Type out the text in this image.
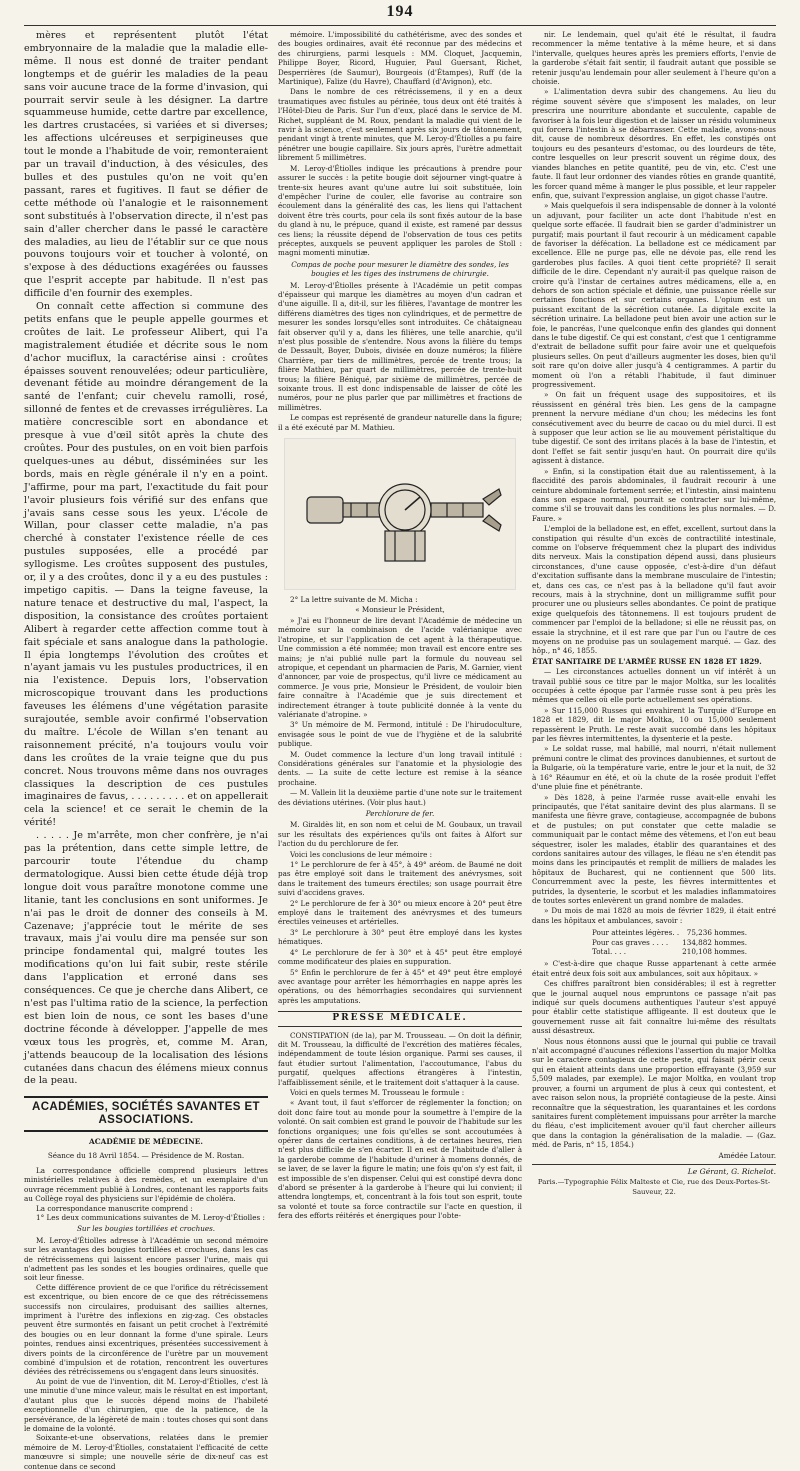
194

mères et représentent plutôt l'état embryonnaire de la maladie que la maladie elle-même. Il nous est donné de traiter pendant longtemps et de guérir les maladies de la peau sans voir aucune trace de la forme d'invasion, qui pourrait servir seule à les désigner. La dartre squammeuse humide, cette dartre par excellence, les dartres crustacées, si variées et si diverses; les affections ulcéreuses et serpigineuses que tout le monde a l'habitude de voir, remonteraient par un travail d'induction, à des vésicules, des bulles et des pustules qu'on ne voit qu'en passant, rares et fugitives. Il faut se défier de cette méthode où l'analogie et le raisonnement sont substitués à l'observation directe, il n'est pas sain d'aller chercher dans le passé le caractère des maladies, au lieu de l'établir sur ce que nous pouvons toujours voir et toucher à volonté, on s'expose à des déductions exagérées ou fausses que l'esprit accepte par habitude. Il n'est pas difficile d'en fournir des exemples.

On connaît cette affection si commune des petits enfans que le peuple appelle gourmes et croûtes de lait. Le professeur Alibert, qui l'a magistralement étudiée et décrite sous le nom d'achor muciflux, la caractérise ainsi : croûtes épaisses souvent renouvelées; odeur particulière, devenant fétide au moindre dérangement de la santé de l'enfant; cuir chevelu ramolli, rosé, sillonné de fentes et de crevasses irrégulières. La matière concrescible sort en abondance et presque à vue d'œil sitôt après la chute des croûtes. Pour des pustules, on en voit bien parfois quelques-unes au début, disséminées sur les bords, mais en règle générale il n'y en a point. J'affirme, pour ma part, l'exactitude du fait pour l'avoir plusieurs fois vérifié sur des enfans que j'avais sans cesse sous les yeux. L'école de Willan, pour classer cette maladie, n'a pas cherché à constater l'existence réelle de ces pustules supposées, elle a procédé par syllogisme. Les croûtes supposent des pustules, or, il y a des croûtes, donc il y a eu des pustules : impetigo capitis. — Dans la teigne faveuse, la nature tenace et destructive du mal, l'aspect, la disposition, la consistance des croûtes portaient Alibert à regarder cette affection comme tout à fait spéciale et sans analogue dans la pathologie. Il épia longtemps l'évolution des croûtes et n'ayant jamais vu les pustules productrices, il en nia l'existence. Depuis lors, l'observation microscopique trouvant dans les productions faveuses les élémens d'une végétation parasite surajoutée, semble avoir confirmé l'observation du maître. L'école de Willan s'en tenant au raisonnement précité, n'a toujours voulu voir dans les croûtes de la vraie teigne que du pus concret. Nous trouvons même dans nos ouvrages classiques la description de ces pustules imaginaires de favus, . . . . . . . . . et on appellerait cela la science! et ce serait le chemin de la vérité!

. . . . . Je m'arrête, mon cher confrère, je n'ai pas la prétention, dans cette simple lettre, de parcourir toute l'étendue du champ dermatologique. Aussi bien cette étude déjà trop longue doit vous paraître monotone comme une litanie, tant les conclusions en sont uniformes. Je n'ai pas le droit de donner des conseils à M. Cazenave; j'apprécie tout le mérite de ses travaux, mais j'ai voulu dire ma pensée sur son principe fondamental qui, malgré toutes les modifications qu'on lui fait subir, reste stérile dans l'application et erroné dans ses conséquences. Ce que je cherche dans Alibert, ce n'est pas l'ultima ratio de la science, la perfection est bien loin de nous, ce sont les bases d'une doctrine féconde à développer. J'appelle de mes vœux tous les progrès, et, comme M. Aran, j'attends beaucoup de la localisation des lésions cutanées dans chacun des élémens mieux connus de la peau.

ACADÉMIES, SOCIÉTÉS SAVANTES ET ASSOCIATIONS.
ACADÉMIE DE MÉDECINE.
Séance du 18 Avril 1854. — Présidence de M. Rostan.

La correspondance officielle comprend plusieurs lettres ministérielles relatives à des remèdes, et un exemplaire d'un ouvrage récemment publié à Londres, contenant les rapports faits au Collège royal des physiciens sur l'épidémie de choléra.

La correspondance manuscrite comprend :

1° Les deux communications suivantes de M. Leroy-d'Étiolles :

Sur les bougies tortillées et crochues.

M. Leroy-d'Étiolles adresse à l'Académie un second mémoire sur les avantages des bougies tortillées et crochues, dans les cas de rétrécissemens qui laissent encore passer l'urine, mais qui n'admettent pas les sondes et les bougies ordinaires, quelle que soit leur finesse.

Cette différence provient de ce que l'orifice du rétrécissement est excentrique, ou bien encore de ce que des rétrécissemens successifs non circulaires, produisant des saillies alternes, impriment à l'urètre des inflexions en zig-zag. Ces obstacles peuvent être surmontés en faisant un petit crochet à l'extrémité des bougies ou en leur donnant la forme d'une spirale. Leurs pointes, rendues ainsi excentriques, présentées successivement à divers points de la circonférence de l'urètre par un mouvement combiné d'impulsion et de rotation, rencontrent les ouvertures déviées des rétrécissemens ou s'engagent dans leurs sinuosités.

Au point de vue de l'invention, dit M. Leroy-d'Étiolles, c'est là une minutie d'une mince valeur, mais le résultat en est important, d'autant plus que le succès dépend moins de l'habileté exceptionnelle d'un chirurgien, que de la patience, de la persévérance, de la légèreté de main : toutes choses qui sont dans le domaine de la volonté.

Soixante-et-une observations, relatées dans le premier mémoire de M. Leroy-d'Étiolles, constataient l'efficacité de cette manœuvre si simple; une nouvelle série de dix-neuf cas est contenue dans ce second

mémoire. L'impossibilité du cathétérisme, avec des sondes et des bougies ordinaires, avait été reconnue par des médecins et des chirurgiens, parmi lesquels : MM. Cloquet, Jacquemin, Philippe Boyer, Ricord, Huguier, Paul Guersant, Richet, Desperrières (de Saumur), Bourgeois (d'Étampes), Ruff (de la Martinique), Falize (du Havre), Chauffard (d'Avignon), etc.

Dans le nombre de ces rétrécissemens, il y en a deux traumatiques avec fistules au périnée, tous deux ont été traités à l'Hôtel-Dieu de Paris. Sur l'un d'eux, placé dans le service de M. Richet, suppléant de M. Roux, pendant la maladie qui vient de le ravir à la science, c'est seulement après six jours de tâtonnement, pendant vingt à trente minutes, que M. Leroy-d'Étiolles a pu faire pénétrer une bougie capillaire. Six jours après, l'urètre admettait librement 5 millimètres.

M. Leroy-d'Étiolles indique les précautions à prendre pour assurer le succès : la petite bougie doit séjourner vingt-quatre à trente-six heures avant qu'une autre lui soit substituée, loin d'empêcher l'urine de couler, elle favorise au contraire son écoulement dans la généralité des cas, les liens qui l'attachent doivent être très courts, pour cela ils sont fixés autour de la base du gland à nu, le prépuce, quand il existe, est ramené par dessus ces liens; la réussite dépend de l'observation de tous ces petits préceptes, auxquels se peuvent appliquer les paroles de Stoll : magni momenti minutiæ.

Compas de poche pour mesurer le diamètre des sondes, les bougies et les tiges des instrumens de chirurgie.

M. Leroy-d'Étiolles présente à l'Académie un petit compas d'épaisseur qui marque les diamètres au moyen d'un cadran et d'une aiguille. Il a, dit-il, sur les filières, l'avantage de montrer les différens diamètres des tiges non cylindriques, et de permettre de mesurer les sondes lorsqu'elles sont introduites. Ce châtaigneau fait observer qu'il y a, dans les filières, une telle anarchie, qu'il n'est plus possible de s'entendre. Nous avons la filière du temps de Dessault, Boyer, Dubois, divisée en douze numéros; la filière Charrière, par tiers de millimètres, percée de trente trous; la filière Mathieu, par quart de millimètres, percée de trente-huit trous; la filière Béniqué, par sixième de millimètres, percée de soixante trous. Il est donc indispensable de laisser de côté les numéros, pour ne plus parler que par millimètres et fractions de millimètres.

Le compas est représenté de grandeur naturelle dans la figure; il a été exécuté par M. Mathieu.

2° La lettre suivante de M. Micha :

« Monsieur le Président,

» J'ai eu l'honneur de lire devant l'Académie de médecine un mémoire sur la combinaison de l'acide valérianique avec l'atropine, et sur l'application de cet agent à la thérapeutique. Une commission a été nommée; mon travail est encore entre ses mains; je n'ai publié nulle part la formule du nouveau sel atropique, et cependant un pharmacien de Paris, M. Garnier, vient d'annoncer, par voie de prospectus, qu'il livre ce médicament au commerce. Je vous prie, Monsieur le Président, de vouloir bien faire connaître à l'Académie que je suis directement et indirectement étranger à toute publicité donnée à la vente du valérianate d'atropine. »

3° Un mémoire de M. Fermond, intitulé : De l'hirudoculture, envisagée sous le point de vue de l'hygiène et de la salubrité publique.

M. Oudet commence la lecture d'un long travail intitulé : Considérations générales sur l'anatomie et la physiologie des dents. — La suite de cette lecture est remise à la séance prochaine.

— M. Vallein lit la deuxième partie d'une note sur le traitement des déviations utérines. (Voir plus haut.)

Perchlorure de fer.

M. Giraldès lit, en son nom et celui de M. Goubaux, un travail sur les résultats des expériences qu'ils ont faites à Alfort sur l'action du du perchlorure de fer.

Voici les conclusions de leur mémoire :

1° Le perchlorure de fer à 45°, à 49° aréom. de Baumé ne doit pas être employé soit dans le traitement des anévrysmes, soit dans le traitement des tumeurs érectiles; son usage pourrait être suivi d'accidens graves.

2° Le perchlorure de fer à 30° ou mieux encore à 20° peut être employé dans le traitement des anévrysmes et des tumeurs érectiles veineuses et artérielles.

3° Le perchlorure à 30° peut être employé dans les kystes hématiques.

4° Le perchlorure de fer à 30° et à 45° peut être employé comme modificateur des plaies en suppuration.

5° Enfin le perchlorure de fer à 45° et 49° peut être employé avec avantage pour arrêter les hémorrhagies en nappe après les opérations, ou des hémorrhagies secondaires qui surviennent après les amputations.

PRESSE MÉDICALE.

CONSTIPATION (de la), par M. Trousseau. — On doit la définir, dit M. Trousseau, la difficulté de l'excrétion des matières fécales, indépendamment de toute lésion organique. Parmi ses causes, il faut étudier surtout l'alimentation, l'accoutumance, l'abus du purgatif, quelques affections étrangères à l'intestin, l'affaiblissement sénile, et le traitement doit s'attaquer à la cause.

Voici en quels termes M. Trousseau le formule :

« Avant tout, il faut s'efforcer de réglementer la fonction; on doit donc faire tout au monde pour la soumettre à l'empire de la volonté. On sait combien est grand le pouvoir de l'habitude sur les fonctions organiques; une fois qu'elles se sont accoutumées à opérer dans de certaines conditions, à de certaines heures, rien n'est plus difficile de s'en écarter. Il en est de l'habitude d'aller à la garderobe comme de l'habitude d'uriner à momens donnés, de se laver, de se laver la figure le matin; une fois qu'on s'y est fait, il est impossible de s'en dispenser. Celui qui est constipé devra donc d'abord se présenter à la garderobe à l'heure qui lui convient; il attendra longtemps, et, concentrant à la fois tout son esprit, toute sa volonté et toute sa force contractile sur l'acte en question, il fera des efforts réitérés et énergiques pour l'obte-

nir. Le lendemain, quel qu'ait été le résultat, il faudra recommencer la même tentative à la même heure, et si dans l'intervalle, quelques heures après les premiers efforts, l'envie de la garderobe s'était fait sentir, il faudrait autant que possible se retenir jusqu'au lendemain pour aller seulement à l'heure qu'on a choisie.

» L'alimentation devra subir des changemens. Au lieu du régime souvent sévère que s'imposent les malades, on leur prescrira une nourriture abondante et succulente, capable de favoriser à la fois leur digestion et de laisser un résidu volumineux qui forcera l'intestin à se débarrasser. Cette maladie, avons-nous dit, cause de nombreux désordres. En effet, les constipés ont toujours eu des pesanteurs d'estomac, ou des lourdeurs de tête, contre lesquelles on leur prescrit souvent un régime doux, des viandes blanches en petite quantité, peu de vin, etc. C'est une faute. Il faut leur ordonner des viandes rôties en grande quantité, les forcer quand même à manger le plus possible, et leur rappeler enfin, que, suivant l'expression anglaise, un gigot chasse l'autre.

» Mais quelquefois il sera indispensable de donner à la volonté un adjuvant, pour faciliter un acte dont l'habitude n'est en quelque sorte effacée. Il faudrait bien se garder d'administrer un purgatif; mais pourtant il faut recourir à un médicament capable de favoriser la défécation. La belladone est ce médicament par excellence. Elle ne purge pas, elle ne dévoie pas, elle rend les garderobes plus faciles. A quoi tient cette propriété? Il serait difficile de le dire. Cependant n'y aurait-il pas quelque raison de croire qu'à l'instar de certaines autres médicamens, elle a, en dehors de son action spéciale et définie, une puissance réelle sur certaines fonctions et sur certains organes. L'opium est un puissant excitant de la sécrétion cutanée. La digitale excite la sécrétion urinaire. La belladone peut bien avoir une action sur le foie, le pancréas, l'une quelconque enfin des glandes qui donnent dans le tube digestif. Ce qui est constant, c'est que 1 centigramme d'extrait de belladone suffit pour faire avoir une et quelquefois plusieurs selles. On peut d'ailleurs augmenter les doses, bien qu'il soit rare qu'on doive aller jusqu'à 4 centigrammes. A partir du moment où l'on a rétabli l'habitude, il faut diminuer progressivement.

» On fait un fréquent usage des suppositoires, et ils réussissent en général très bien. Les gens de la campagne prennent la nervure médiane d'un chou; les médecins les font consécutivement avec du beurre de cacao ou du miel durci. Il est à supposer que leur action se lie au mouvement péristaltique du tube digestif. Ce sont des irritans placés à la base de l'intestin, et dont l'effet se fait sentir jusqu'en haut. On pourrait dire qu'ils agissent à distance.

» Enfin, si la constipation était due au ralentissement, à la flaccidité des parois abdominales, il faudrait recourir à une ceinture abdominale fortement serrée; et l'intestin, ainsi maintenu dans son espace normal, pourrait se contracter sur lui-même, comme s'il se trouvait dans les conditions les plus normales. — D. Faure. »

L'emploi de la belladone est, en effet, excellent, surtout dans la constipation qui résulte d'un excès de contractilité intestinale, comme on l'observe fréquemment chez la plupart des individus dits nerveux. Mais la constipation dépend aussi, dans plusieurs circonstances, d'une cause opposée, c'est-à-dire d'un défaut d'excitation suffisante dans la membrane musculaire de l'intestin; et, dans ces cas, ce n'est pas à la belladone qu'il faut avoir recours, mais à la strychnine, dont un milligramme suffit pour procurer une ou plusieurs selles abondantes. Ce point de pratique exige quelquefois des tâtonnemens. Il est toujours prudent de commencer par l'emploi de la belladone; si elle ne réussit pas, on essaie la strychnine, et il est rare que par l'un ou l'autre de ces moyens on ne produise pas un soulagement marqué. — Gaz. des hôp., n° 46, 1855.

ÉTAT SANITAIRE DE L'ARMÉE RUSSE EN 1828 ET 1829.

— Les circonstances actuelles donnent un vif intérêt à un travail publié sous ce titre par le major Moltka, sur les localités occupées à cette époque par l'armée russe sont à peu près les mêmes que celles où elle porte actuellement ses opérations.

» Sur 115,000 Russes qui envahirent la Turquie d'Europe en 1828 et 1829, dit le major Moltka, 10 ou 15,000 seulement repassèrent le Pruth. Le reste avait succombé dans les hôpitaux par les fièvres intermittentes, la dysenterie et la peste.

» Le soldat russe, mal habillé, mal nourri, n'était nullement prémuni contre le climat des provinces danubiennes, et surtout de la Bulgarie, où la température varie, entre le jour et la nuit, de 32 à 16° Réaumur en été, et où la chute de la rosée produit l'effet d'une pluie fine et pénétrante.

» Dès 1828, à peine l'armée russe avait-elle envahi les principautés, que l'état sanitaire devint des plus alarmans. Il se manifesta une fièvre grave, contagieuse, accompagnée de bubons et de pustules; on put constater que cette maladie se communiquait par le contact même des vêtemens, et l'on eut beau séquestrer, isoler les malades, établir des quarantaines et des cordons sanitaires autour des villages, le fléau ne s'en étendit pas moins dans les principautés et remplit de milliers de malades les hôpitaux de Bucharest, qui ne contiennent que 500 lits. Concurremment avec la peste, les fièvres intermittentes et putrides, la dysenterie, le scorbut et les maladies inflammatoires de toutes sortes enlevèrent un grand nombre de malades.

» Du mois de mai 1828 au mois de février 1829, il était entré dans les hôpitaux et ambulances, savoir :

Pour atteintes légères. . 75,236 hommes.
Pour cas graves . . . . 134,882 hommes.
Total. . . .	210,108 hommes.

» C'est-à-dire que chaque Russe appartenant à cette armée était entré deux fois soit aux ambulances, soit aux hôpitaux. »

Ces chiffres paraîtront bien considérables; il est à regretter que le journal auquel nous empruntons ce passage n'ait pas indiqué sur quels documens authentiques l'auteur s'est appuyé pour établir cette statistique affligeante. Il est douteux que le gouvernement russe ait fait connaître lui-même des résultats aussi désastreux.

Nous nous étonnons aussi que le journal qui publie ce travail n'ait accompagné d'aucunes réflexions l'assertion du major Moltka sur le caractère contagieux de cette peste, qui faisait périr ceux qui en étaient atteints dans une proportion effrayante (3,959 sur 5,509 malades, par exemple). Le major Moltka, en voulant trop prouver, a fourni un argument de plus à ceux qui contestent, et avec raison selon nous, la propriété contagieuse de la peste. Ainsi reconnaître que la séquestration, les quarantaines et les cordons sanitaires furent complètement impuissans pour arrêter la marche du fléau, c'est implicitement avouer qu'il faut chercher ailleurs que dans la contagion la généralisation de la maladie. — (Gaz. méd. de Paris, n° 15, 1854.)

Amédée Latour.
Le Gérant, G. Richelot.
Paris.—Typographie Félix Malteste et Cie, rue des Deux-Portes-St-Sauveur, 22.
